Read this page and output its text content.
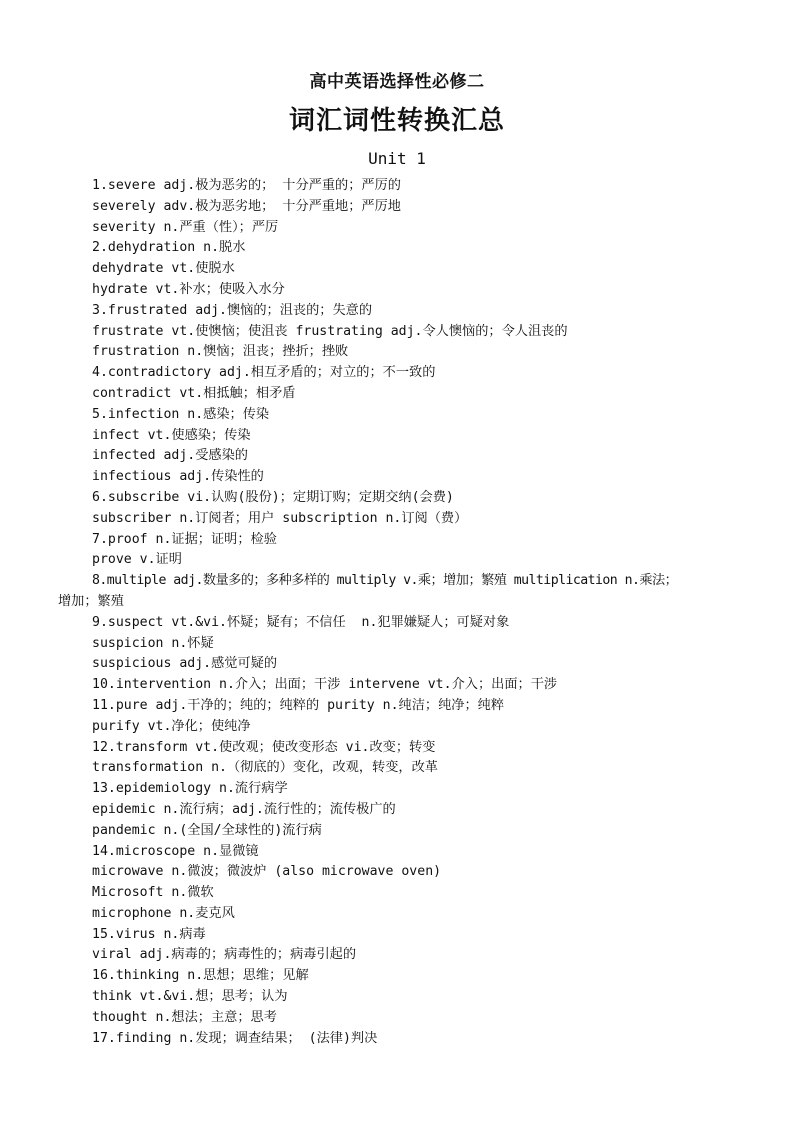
高中英语选择性必修二
词汇词性转换汇总
Unit 1
1.severe adj.极为恶劣的； 十分严重的；严厉的
severely adv.极为恶劣地； 十分严重地；严厉地
severity n.严重（性）；严厉
2.dehydration n.脱水
dehydrate vt.使脱水
hydrate vt.补水；使吸入水分
3.frustrated adj.懊恼的；沮丧的；失意的
frustrate vt.使懊恼；使沮丧 frustrating adj.令人懊恼的；令人沮丧的
frustration n.懊恼；沮丧；挫折；挫败
4.contradictory adj.相互矛盾的；对立的；不一致的
contradict vt.相抵触；相矛盾
5.infection n.感染；传染
infect vt.使感染；传染
infected adj.受感染的
infectious adj.传染性的
6.subscribe vi.认购(股份)；定期订购；定期交纳(会费)
subscriber n.订阅者；用户 subscription n.订阅（费）
7.proof n.证据；证明；检验
prove v.证明
8.multiple adj.数量多的；多种多样的 multiply v.乘；增加；繁殖 multiplication n.乘法；
增加；繁殖
9.suspect vt.&vi.怀疑；疑有；不信任  n.犯罪嫌疑人；可疑对象
suspicion n.怀疑
suspicious adj.感觉可疑的
10.intervention n.介入；出面；干涉 intervene vt.介入；出面；干涉
11.pure adj.干净的；纯的；纯粹的 purity n.纯洁；纯净；纯粹
purify vt.净化；使纯净
12.transform vt.使改观；使改变形态 vi.改变；转变
transformation n.（彻底的）变化，改观，转变，改革
13.epidemiology n.流行病学
epidemic n.流行病；adj.流行性的；流传极广的
pandemic n.(全国/全球性的)流行病
14.microscope n.显微镜
microwave n.微波；微波炉 (also microwave oven)
Microsoft n.微软
microphone n.麦克风
15.virus n.病毒
viral adj.病毒的；病毒性的；病毒引起的
16.thinking n.思想；思维；见解
think vt.&vi.想；思考；认为
thought n.想法；主意；思考
17.finding n.发现；调查结果； (法律)判决
